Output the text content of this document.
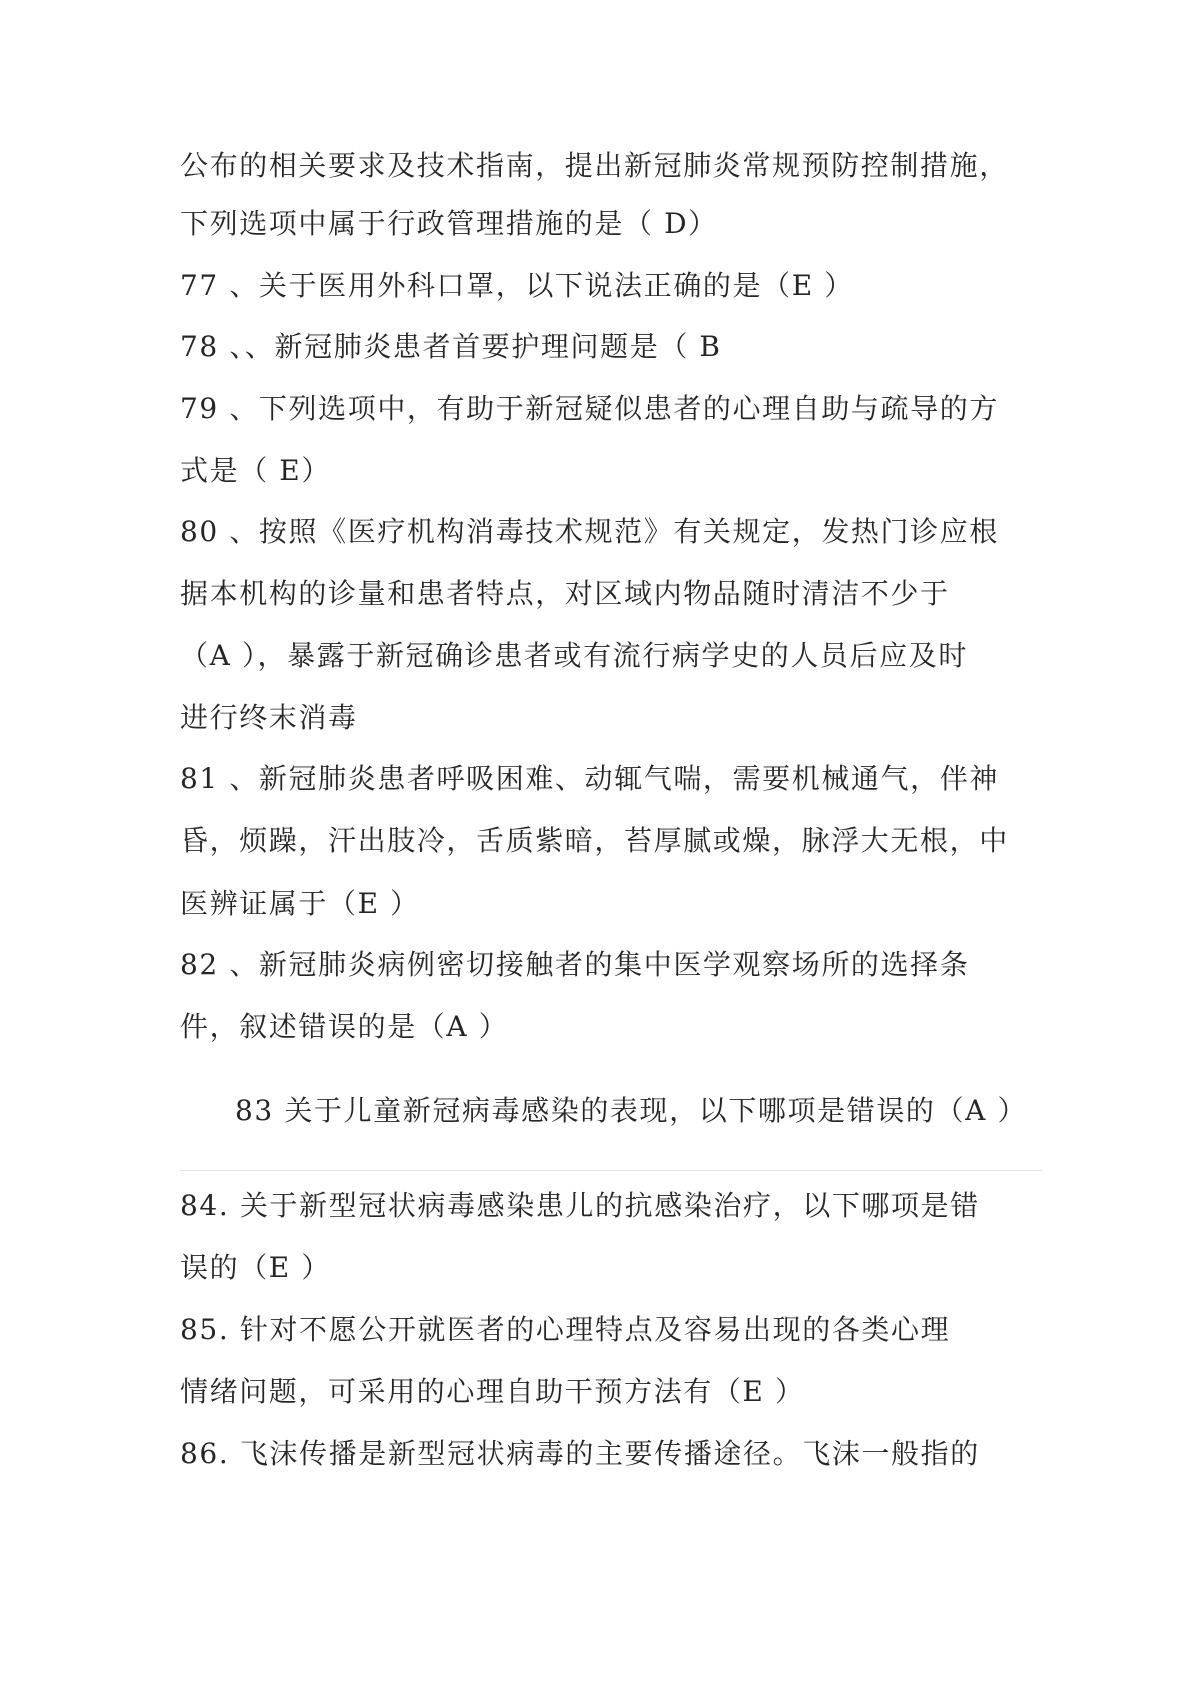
公布的相关要求及技术指南，提出新冠肺炎常规预防控制措施，
下列选项中属于行政管理措施的是（ D）
77 、关于医用外科口罩，以下说法正确的是（E ）
78 、、新冠肺炎患者首要护理问题是（ B
79 、下列选项中，有助于新冠疑似患者的心理自助与疏导的方
式是（ E）
80 、按照《医疗机构消毒技术规范》有关规定，发热门诊应根
据本机构的诊量和患者特点，对区域内物品随时清洁不少于
（A ），暴露于新冠确诊患者或有流行病学史的人员后应及时
进行终末消毒
81 、新冠肺炎患者呼吸困难、动辄气喘，需要机械通气，伴神
昏，烦躁，汗出肢冷，舌质紫暗，苔厚腻或燥，脉浮大无根，中
医辨证属于（E ）
82 、新冠肺炎病例密切接触者的集中医学观察场所的选择条
件，叙述错误的是（A ）
83 关于儿童新冠病毒感染的表现，以下哪项是错误的（A ）
84. 关于新型冠状病毒感染患儿的抗感染治疗，以下哪项是错
误的（E ）
85. 针对不愿公开就医者的心理特点及容易出现的各类心理
情绪问题，可采用的心理自助干预方法有（E ）
86. 飞沫传播是新型冠状病毒的主要传播途径。飞沫一般指的
